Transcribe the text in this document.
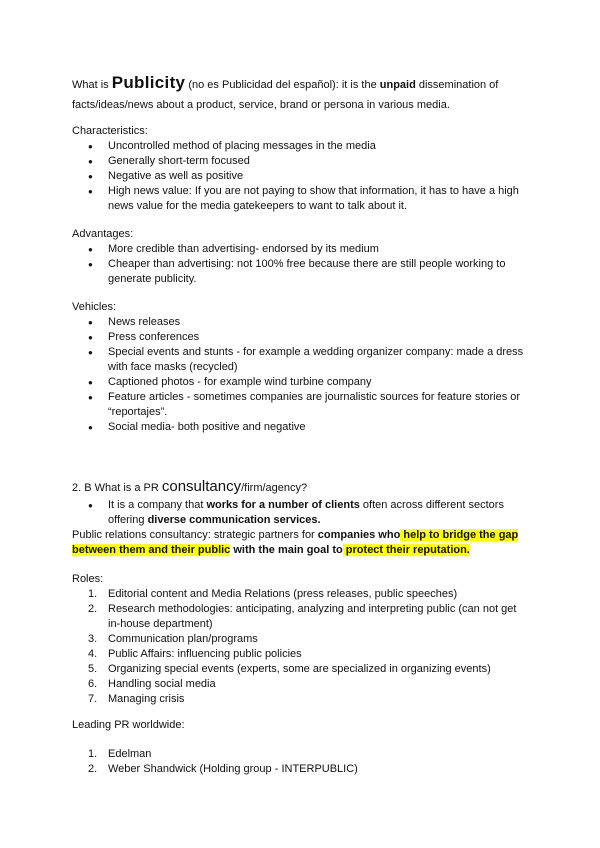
What is Publicity (no es Publicidad del español): it is the unpaid dissemination of facts/ideas/news about a product, service, brand or persona in various media.

Characteristics:

● Uncontrolled method of placing messages in the media
● Generally short-term focused
● Negative as well as positive
● High news value: If you are not paying to show that information, it has to have a high news value for the media gatekeepers to want to talk about it.

Advantages:

● More credible than advertising- endorsed by its medium
● Cheaper than advertising: not 100% free because there are still people working to generate publicity.

Vehicles:

● News releases
● Press conferences
● Special events and stunts - for example a wedding organizer company: made a dress with face masks (recycled)
● Captioned photos - for example wind turbine company
● Feature articles - sometimes companies are journalistic sources for feature stories or “reportajes”.
● Social media- both positive and negative

2. B What is a PR consultancy/firm/agency?

● It is a company that works for a number of clients often across different sectors offering diverse communication services.

Public relations consultancy: strategic partners for companies who help to bridge the gap between them and their public with the main goal to protect their reputation.

Roles:

1. Editorial content and Media Relations (press releases, public speeches)
2. Research methodologies: anticipating, analyzing and interpreting public (can not get in-house department)
3. Communication plan/programs
4. Public Affairs: influencing public policies
5. Organizing special events (experts, some are specialized in organizing events)
6. Handling social media
7. Managing crisis

Leading PR worldwide:

1. Edelman
2. Weber Shandwick (Holding group - INTERPUBLIC)
